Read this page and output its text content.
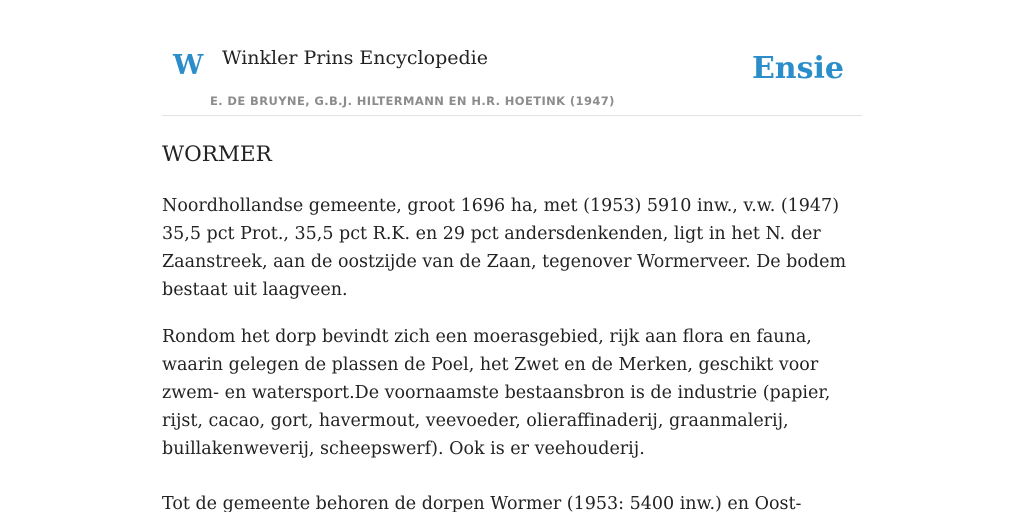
W Winkler Prins Encyclopedie
E. DE BRUYNE, G.B.J. HILTERMANN EN H.R. HOETINK (1947)
Ensie
WORMER

Noordhollandse gemeente, groot 1696 ha, met (1953) 5910 inw., v.w. (1947) 35,5 pct Prot., 35,5 pct R.K. en 29 pct andersdenkenden, ligt in het N. der Zaanstreek, aan de oostzijde van de Zaan, tegenover Wormerveer. De bodem bestaat uit laagveen.

Rondom het dorp bevindt zich een moerasgebied, rijk aan flora en fauna, waarin gelegen de plassen de Poel, het Zwet en de Merken, geschikt voor zwem- en watersport.De voornaamste bestaansbron is de industrie (papier, rijst, cacao, gort, havermout, veevoeder, olieraffinaderij, graanmalerij, buillakenweverij, scheepswerf). Ook is er veehouderij.

Tot de gemeente behoren de dorpen Wormer (1953: 5400 inw.) en Oost-
